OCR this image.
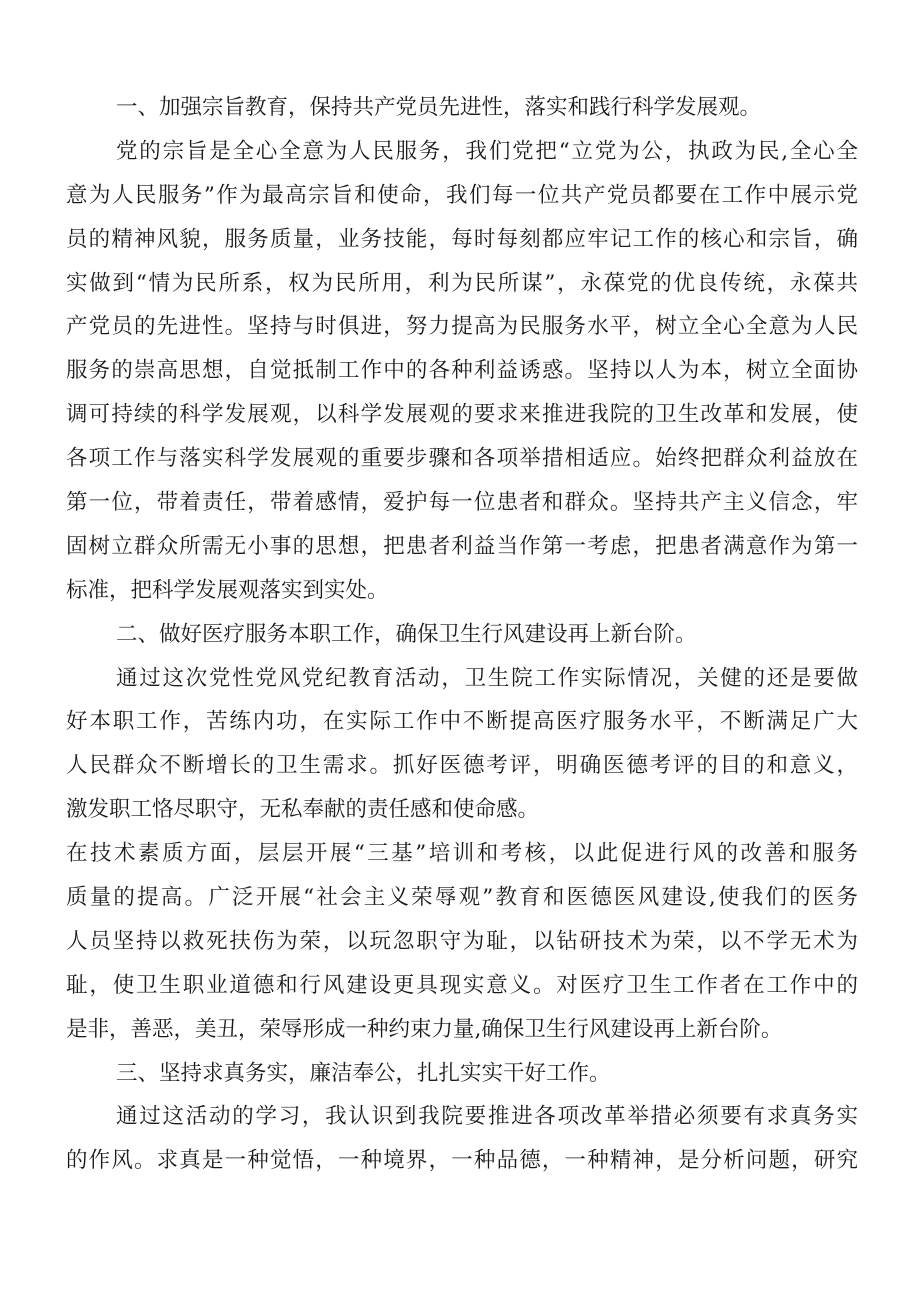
一、加强宗旨教育，保持共产党员先进性，落实和践行科学发展观。
党的宗旨是全心全意为人民服务，我们党把“立党为公，执政为民,全心全
意为人民服务”作为最高宗旨和使命，我们每一位共产党员都要在工作中展示党
员的精神风貌，服务质量，业务技能，每时每刻都应牢记工作的核心和宗旨，确
实做到“情为民所系，权为民所用，利为民所谋”，永葆党的优良传统，永葆共
产党员的先进性。坚持与时俱进，努力提高为民服务水平，树立全心全意为人民
服务的崇高思想，自觉抵制工作中的各种利益诱惑。坚持以人为本，树立全面协
调可持续的科学发展观，以科学发展观的要求来推进我院的卫生改革和发展，使
各项工作与落实科学发展观的重要步骤和各项举措相适应。始终把群众利益放在
第一位，带着责任，带着感情，爱护每一位患者和群众。坚持共产主义信念，牢
固树立群众所需无小事的思想，把患者利益当作第一考虑，把患者满意作为第一
标准，把科学发展观落实到实处。
二、做好医疗服务本职工作，确保卫生行风建设再上新台阶。
通过这次党性党风党纪教育活动，卫生院工作实际情况，关健的还是要做
好本职工作，苦练内功，在实际工作中不断提高医疗服务水平，不断满足广大
人民群众不断增长的卫生需求。抓好医德考评，明确医德考评的目的和意义，
激发职工恪尽职守，无私奉献的责任感和使命感。
在技术素质方面，层层开展“三基”培训和考核，以此促进行风的改善和服务
质量的提高。广泛开展“社会主义荣辱观”教育和医德医风建设,使我们的医务
人员坚持以救死扶伤为荣，以玩忽职守为耻，以钻研技术为荣，以不学无术为
耻，使卫生职业道德和行风建设更具现实意义。对医疗卫生工作者在工作中的
是非，善恶，美丑，荣辱形成一种约束力量,确保卫生行风建设再上新台阶。
三、坚持求真务实，廉洁奉公，扎扎实实干好工作。
通过这活动的学习，我认识到我院要推进各项改革举措必须要有求真务实
的作风。求真是一种觉悟，一种境界，一种品德，一种精神，是分析问题，研究
